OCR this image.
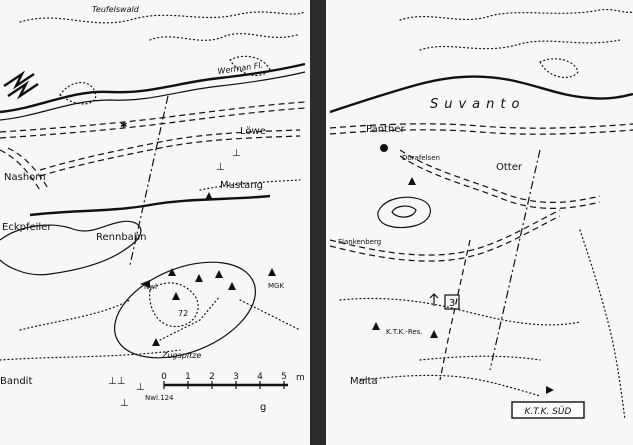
⊥⊥
⊥
⊥
⊥
⊥
✱
0 1 2 3 4 5 m
Teufelswald
Werman Fl.
Löwe
Nashorn
Mustang
Eckpfeiler
Rennbahn
Nwl	MGK
72
Zugspitze
Bandit
Nwl.124
g
3
K.T.K. SÜD
Suvanto
Panther
Dorafelsen
Otter
Flankenberg
K.T.K.-Res.
Malta
